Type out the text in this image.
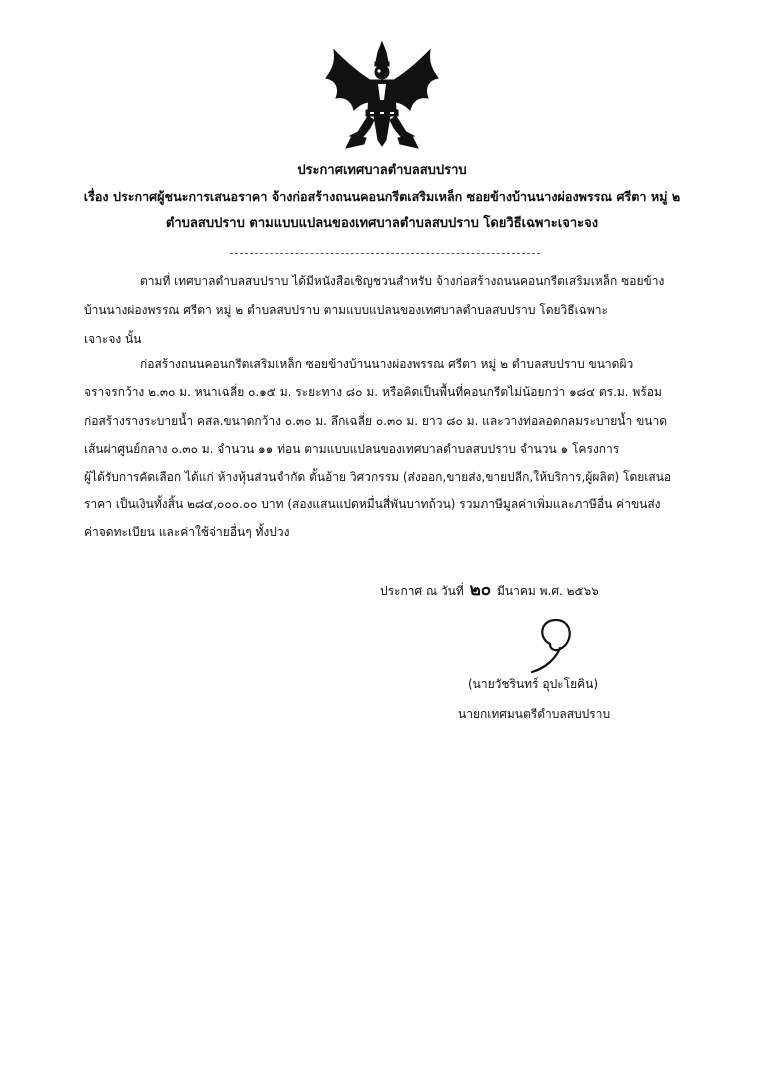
ประกาศเทศบาลตำบลสบปราบ
เรื่อง ประกาศผู้ชนะการเสนอราคา จ้างก่อสร้างถนนคอนกรีตเสริมเหล็ก ซอยข้างบ้านนางผ่องพรรณ ศรีตา หมู่ ๒
ตำบลสบปราบ ตามแบบแปลนของเทศบาลตำบลสบปราบ โดยวิธีเฉพาะเจาะจง
ตามที่ เทศบาลตำบลสบปราบ ได้มีหนังสือเชิญชวนสำหรับ จ้างก่อสร้างถนนคอนกรีตเสริมเหล็ก ซอยข้าง
บ้านนางผ่องพรรณ ศรีตา หมู่ ๒ ตำบลสบปราบ ตามแบบแปลนของเทศบาลตำบลสบปราบ โดยวิธีเฉพาะ
เจาะจง นั้น
ก่อสร้างถนนคอนกรีตเสริมเหล็ก ซอยข้างบ้านนางผ่องพรรณ ศรีตา หมู่ ๒ ตำบลสบปราบ ขนาดผิว
จราจรกว้าง ๒.๓๐ ม. หนาเฉลี่ย ๐.๑๕ ม. ระยะทาง ๘๐ ม. หรือคิดเป็นพื้นที่คอนกรีตไม่น้อยกว่า ๑๘๔ ตร.ม. พร้อม
ก่อสร้างรางระบายน้ำ คสล.ขนาดกว้าง ๐.๓๐ ม. ลึกเฉลี่ย ๐.๓๐ ม. ยาว ๘๐ ม. และวางท่อลอดกลมระบายน้ำ ขนาด
เส้นผ่าศูนย์กลาง ๐.๓๐ ม. จำนวน ๑๑ ท่อน ตามแบบแปลนของเทศบาลตำบลสบปราบ จำนวน ๑ โครงการ
ผู้ได้รับการคัดเลือก ได้แก่ ห้างหุ้นส่วนจำกัด ตั้นอ้าย วิศวกรรม (ส่งออก,ขายส่ง,ขายปลีก,ให้บริการ,ผู้ผลิต) โดยเสนอ
ราคา เป็นเงินทั้งสิ้น ๒๘๔,๐๐๐.๐๐ บาท (สองแสนแปดหมื่นสี่พันบาทถ้วน) รวมภาษีมูลค่าเพิ่มและภาษีอื่น ค่าขนส่ง
ค่าจดทะเบียน และค่าใช้จ่ายอื่นๆ ทั้งปวง
ประกาศ ณ วันที่ ๒๐ มีนาคม พ.ศ. ๒๕๖๖
(นายวัชรินทร์ อุปะโยคิน)
นายกเทศมนตรีตำบลสบปราบ
